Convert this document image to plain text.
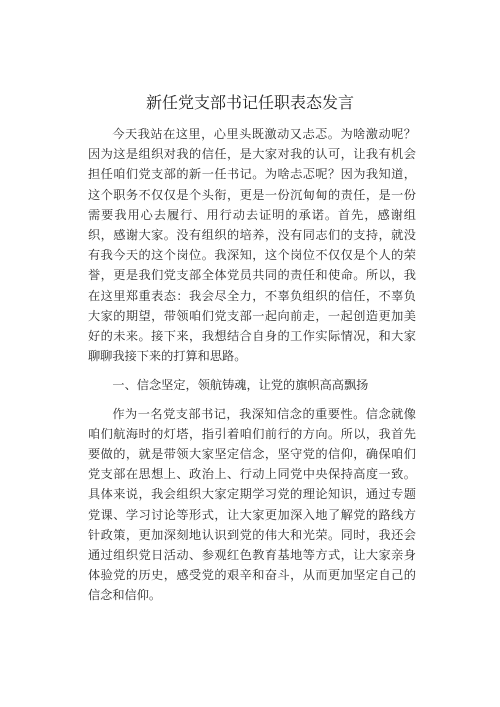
新任党支部书记任职表态发言

今天我站在这里，心里头既激动又忐忑。为啥激动呢？因为这是组织对我的信任，是大家对我的认可，让我有机会担任咱们党支部的新一任书记。为啥忐忑呢？因为我知道，这个职务不仅仅是个头衔，更是一份沉甸甸的责任，是一份需要我用心去履行、用行动去证明的承诺。首先，感谢组织，感谢大家。没有组织的培养，没有同志们的支持，就没有我今天的这个岗位。我深知，这个岗位不仅仅是个人的荣誉，更是我们党支部全体党员共同的责任和使命。所以，我在这里郑重表态：我会尽全力，不辜负组织的信任，不辜负大家的期望，带领咱们党支部一起向前走，一起创造更加美好的未来。接下来，我想结合自身的工作实际情况，和大家聊聊我接下来的打算和思路。

一、信念坚定，领航铸魂，让党的旗帜高高飘扬

作为一名党支部书记，我深知信念的重要性。信念就像咱们航海时的灯塔，指引着咱们前行的方向。所以，我首先要做的，就是带领大家坚定信念，坚守党的信仰，确保咱们党支部在思想上、政治上、行动上同党中央保持高度一致。具体来说，我会组织大家定期学习党的理论知识，通过专题党课、学习讨论等形式，让大家更加深入地了解党的路线方针政策，更加深刻地认识到党的伟大和光荣。同时，我还会通过组织党日活动、参观红色教育基地等方式，让大家亲身体验党的历史，感受党的艰辛和奋斗，从而更加坚定自己的信念和信仰。
